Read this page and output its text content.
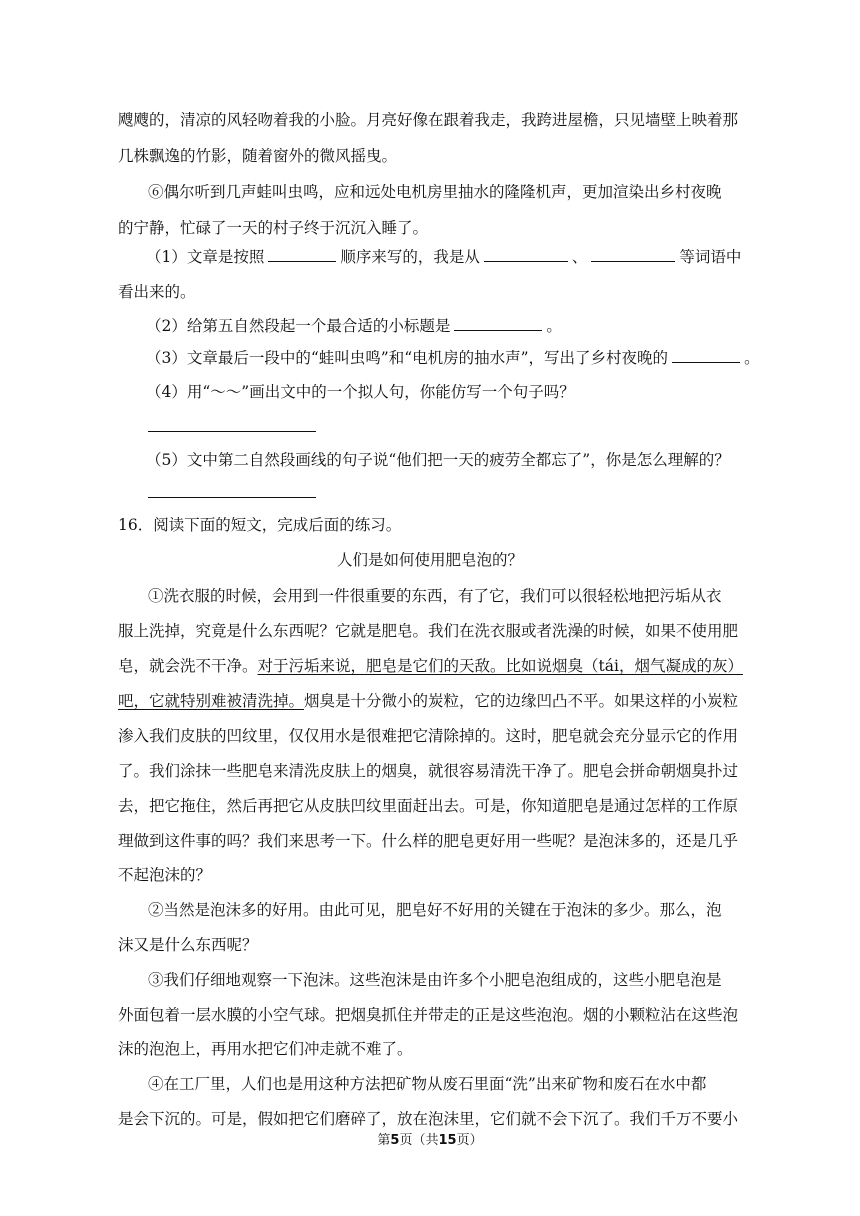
飕飕的，清凉的风轻吻着我的小脸。月亮好像在跟着我走，我跨进屋檐，只见墙壁上映着那
几株飘逸的竹影，随着窗外的微风摇曳。
⑥偶尔听到几声蛙叫虫鸣，应和远处电机房里抽水的隆隆机声，更加渲染出乡村夜晚
的宁静，忙碌了一天的村子终于沉沉入睡了。
（1）文章是按照	顺序来写的，我是从	、	等词语中
看出来的。
（2）给第五自然段起一个最合适的小标题是	。
（3）文章最后一段中的“蛙叫虫鸣”和“电机房的抽水声”，写出了乡村夜晚的	。
（4）用“～～”画出文中的一个拟人句，你能仿写一个句子吗？
（5）文中第二自然段画线的句子说“他们把一天的疲劳全都忘了”，你是怎么理解的？
16．阅读下面的短文，完成后面的练习。
人们是如何使用肥皂泡的？
①洗衣服的时候，会用到一件很重要的东西，有了它，我们可以很轻松地把污垢从衣
服上洗掉，究竟是什么东西呢？它就是肥皂。我们在洗衣服或者洗澡的时候，如果不使用肥
皂，就会洗不干净。对于污垢来说，肥皂是它们的天敌。比如说烟臭（tái，烟气凝成的灰）
吧，它就特别难被清洗掉。烟臭是十分微小的炭粒，它的边缘凹凸不平。如果这样的小炭粒
渗入我们皮肤的凹纹里，仅仅用水是很难把它清除掉的。这时，肥皂就会充分显示它的作用
了。我们涂抹一些肥皂来清洗皮肤上的烟臭，就很容易清洗干净了。肥皂会拼命朝烟臭扑过
去，把它拖住，然后再把它从皮肤凹纹里面赶出去。可是，你知道肥皂是通过怎样的工作原
理做到这件事的吗？我们来思考一下。什么样的肥皂更好用一些呢？是泡沫多的，还是几乎
不起泡沫的？
②当然是泡沫多的好用。由此可见，肥皂好不好用的关键在于泡沫的多少。那么，泡
沫又是什么东西呢？
③我们仔细地观察一下泡沫。这些泡沫是由许多个小肥皂泡组成的，这些小肥皂泡是
外面包着一层水膜的小空气球。把烟臭抓住并带走的正是这些泡泡。烟的小颗粒沾在这些泡
沫的泡泡上，再用水把它们冲走就不难了。
④在工厂里，人们也是用这种方法把矿物从废石里面“洗”出来矿物和废石在水中都
是会下沉的。可是，假如把它们磨碎了，放在泡沫里，它们就不会下沉了。我们千万不要小
第5页（共15页）
